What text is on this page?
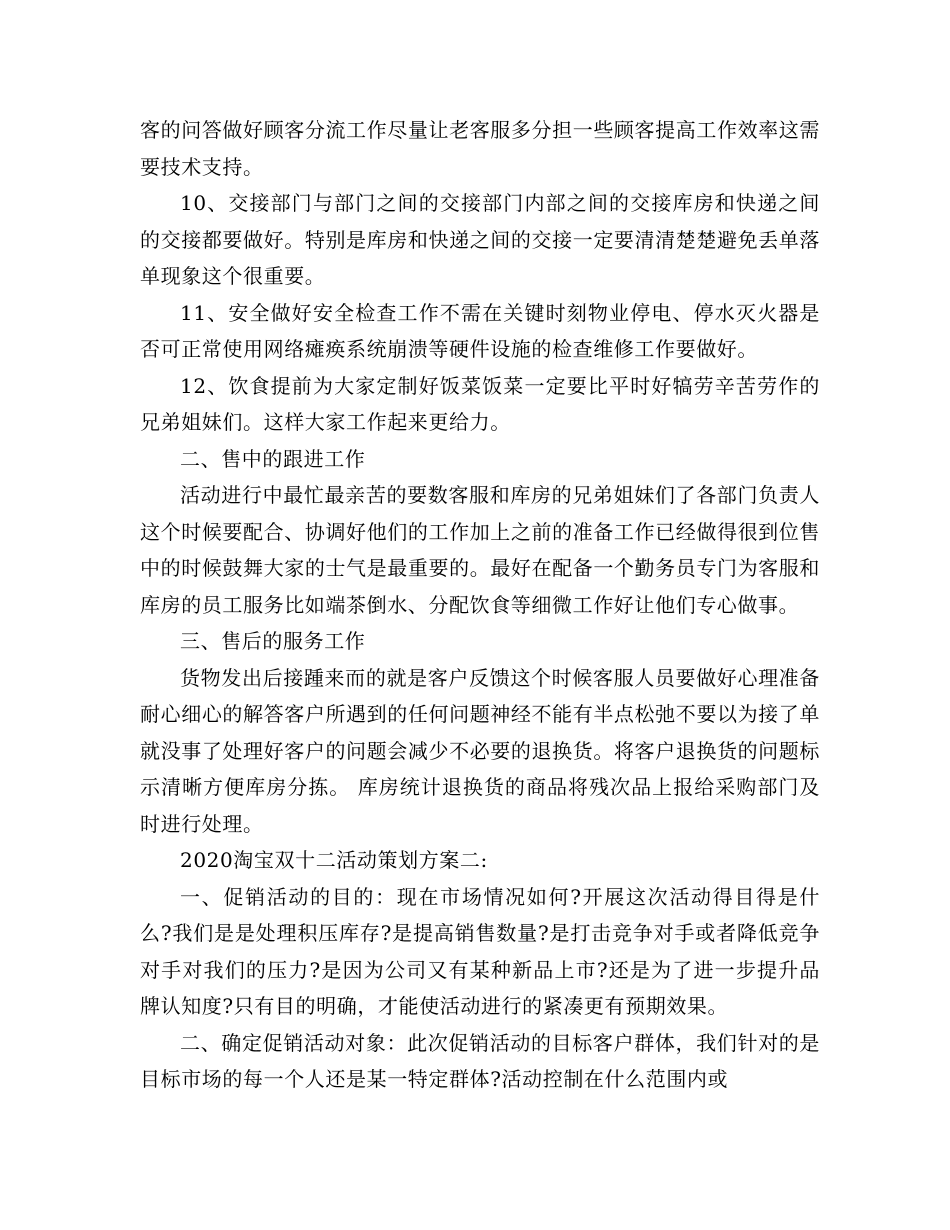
客的问答做好顾客分流工作尽量让老客服多分担一些顾客提高工作效率这需要技术支持。

10、交接部门与部门之间的交接部门内部之间的交接库房和快递之间的交接都要做好。特别是库房和快递之间的交接一定要清清楚楚避免丢单落单现象这个很重要。

11、安全做好安全检查工作不需在关键时刻物业停电、停水灭火器是否可正常使用网络瘫痪系统崩溃等硬件设施的检查维修工作要做好。

12、饮食提前为大家定制好饭菜饭菜一定要比平时好犒劳辛苦劳作的兄弟姐妹们。这样大家工作起来更给力。

二、售中的跟进工作

活动进行中最忙最亲苦的要数客服和库房的兄弟姐妹们了各部门负责人这个时候要配合、协调好他们的工作加上之前的准备工作已经做得很到位售中的时候鼓舞大家的士气是最重要的。最好在配备一个勤务员专门为客服和库房的员工服务比如端茶倒水、分配饮食等细微工作好让他们专心做事。

三、售后的服务工作

货物发出后接踵来而的就是客户反馈这个时候客服人员要做好心理准备耐心细心的解答客户所遇到的任何问题神经不能有半点松弛不要以为接了单就没事了处理好客户的问题会减少不必要的退换货。将客户退换货的问题标示清晰方便库房分拣。 库房统计退换货的商品将残次品上报给采购部门及时进行处理。

2020淘宝双十二活动策划方案二:

一、促销活动的目的：现在市场情况如何?开展这次活动得目得是什么?我们是是处理积压库存?是提高销售数量?是打击竞争对手或者降低竞争对手对我们的压力?是因为公司又有某种新品上市?还是为了进一步提升品牌认知度?只有目的明确，才能使活动进行的紧凑更有预期效果。

二、确定促销活动对象：此次促销活动的目标客户群体，我们针对的是目标市场的每一个人还是某一特定群体?活动控制在什么范围内或
